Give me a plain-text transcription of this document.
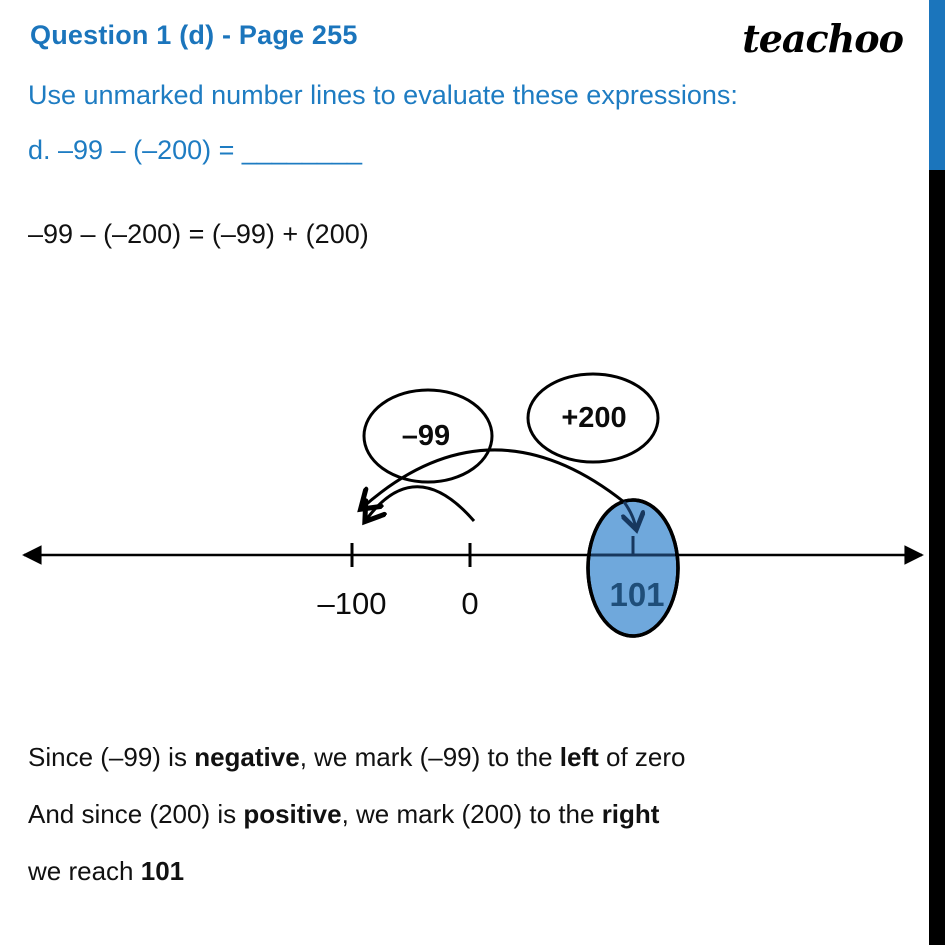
Question 1 (d) - Page 255	teachoo
Use unmarked number lines to evaluate these expressions:
d. –99 – (–200) = ________
–99 – (–200) = (–99) + (200)
–99
+200
–100 0	101
Since (–99) is negative, we mark (–99) to the left of zero
And since (200) is positive, we mark (200) to the right
we reach 101
